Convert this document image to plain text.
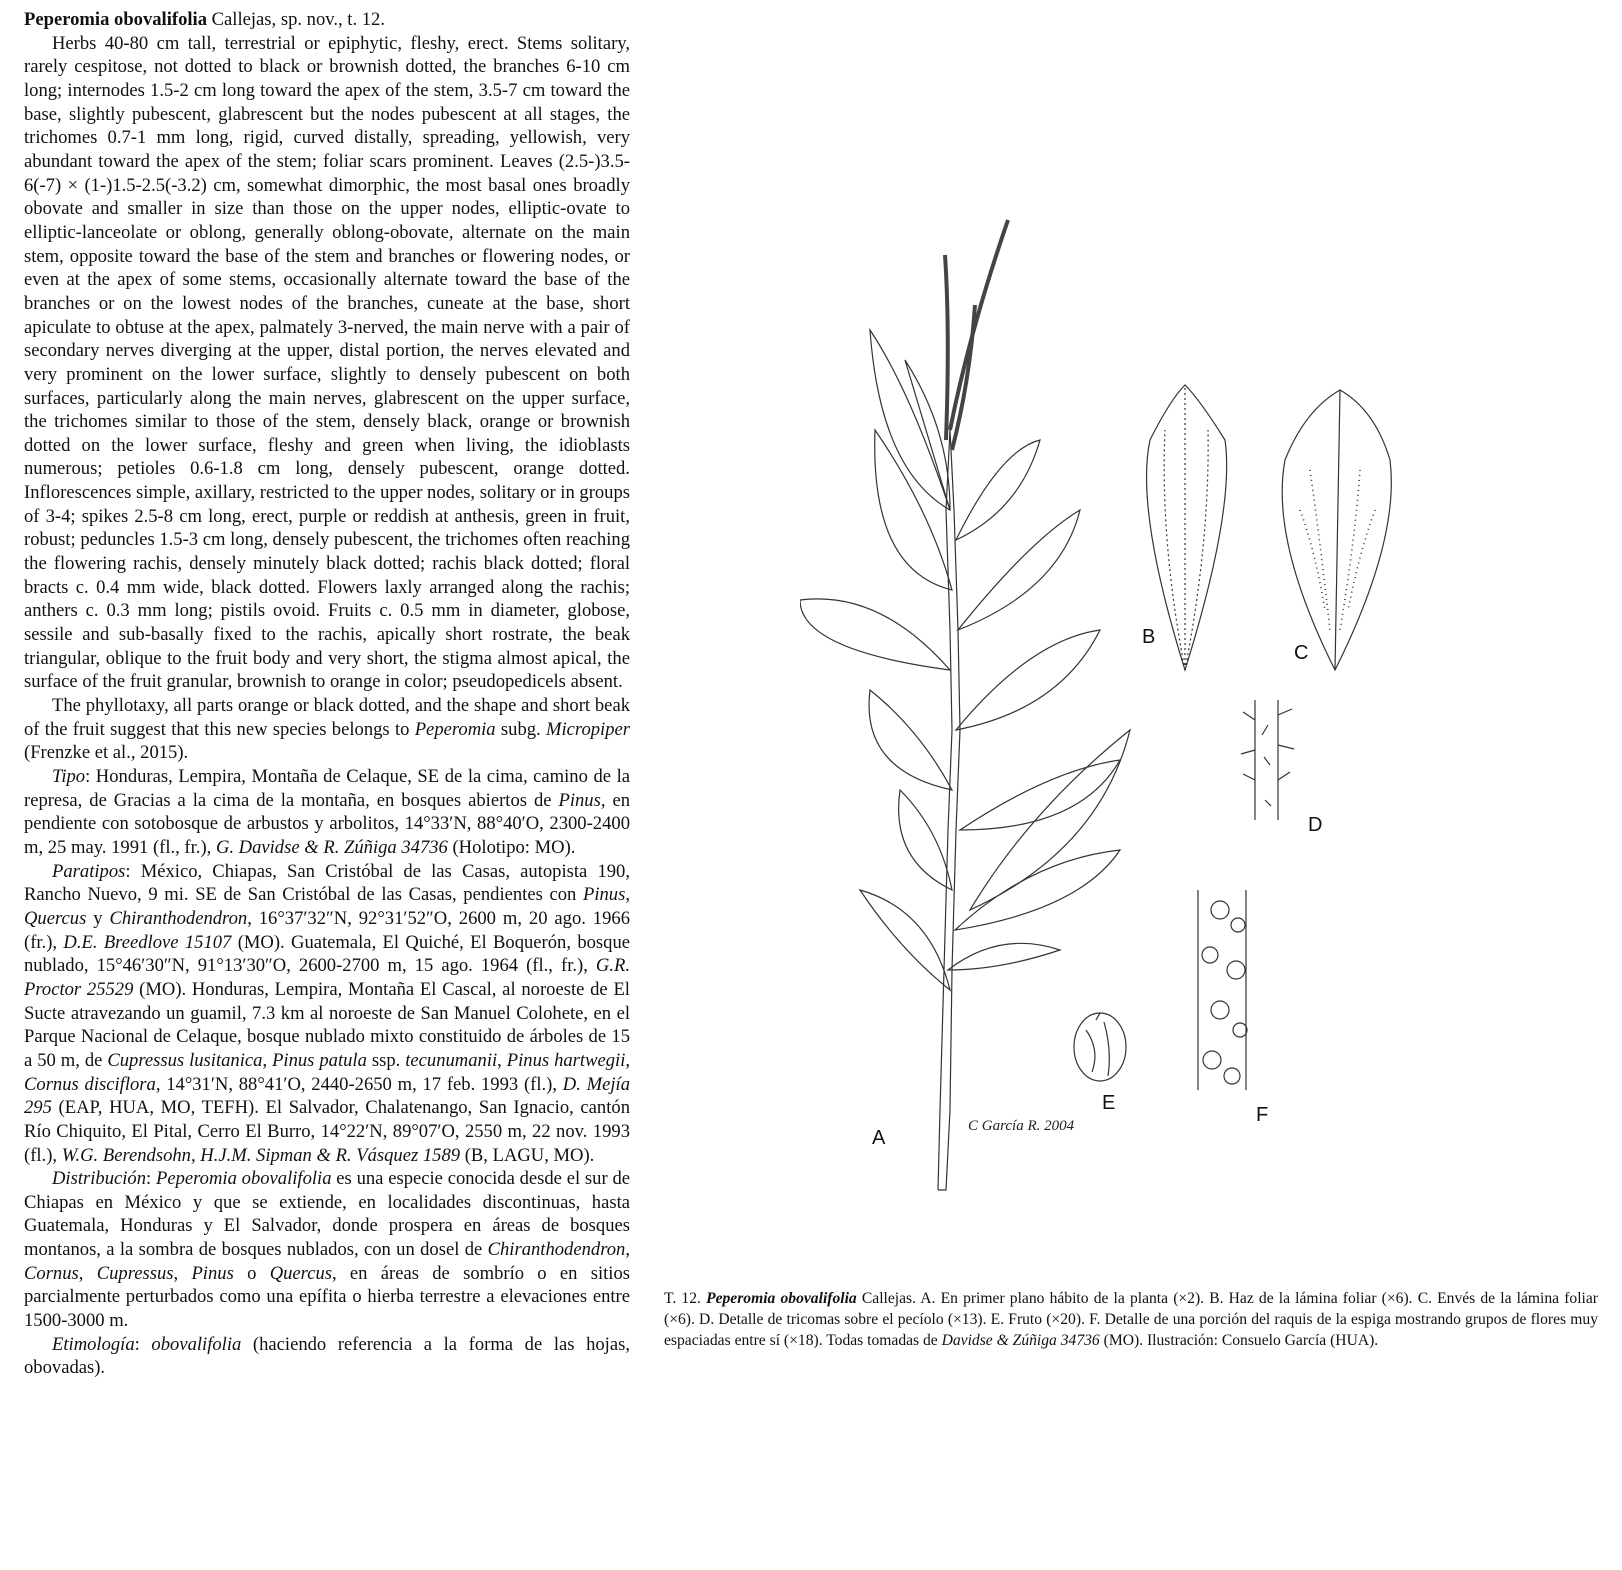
Peperomia obovalifolia Callejas, sp. nov., t. 12.
Herbs 40-80 cm tall, terrestrial or epiphytic, fleshy, erect. Stems solitary, rarely cespitose, not dotted to black or brownish dotted, the branches 6-10 cm long; internodes 1.5-2 cm long toward the apex of the stem, 3.5-7 cm toward the base, slightly pubescent, glabrescent but the nodes pubescent at all stages, the trichomes 0.7-1 mm long, rigid, curved distally, spreading, yellowish, very abundant toward the apex of the stem; foliar scars prominent. Leaves (2.5-)3.5-6(-7) × (1-)1.5-2.5(-3.2) cm, somewhat dimorphic, the most basal ones broadly obovate and smaller in size than those on the upper nodes, elliptic-ovate to elliptic-lanceolate or oblong, generally oblong-obovate, alternate on the main stem, opposite toward the base of the stem and branches or flowering nodes, or even at the apex of some stems, occasionally alternate toward the base of the branches or on the lowest nodes of the branches, cuneate at the base, short apiculate to obtuse at the apex, palmately 3-nerved, the main nerve with a pair of secondary nerves diverging at the upper, distal portion, the nerves elevated and very prominent on the lower surface, slightly to densely pubescent on both surfaces, particularly along the main nerves, glabrescent on the upper surface, the trichomes similar to those of the stem, densely black, orange or brownish dotted on the lower surface, fleshy and green when living, the idioblasts numerous; petioles 0.6-1.8 cm long, densely pubescent, orange dotted. Inflorescences simple, axillary, restricted to the upper nodes, solitary or in groups of 3-4; spikes 2.5-8 cm long, erect, purple or reddish at anthesis, green in fruit, robust; peduncles 1.5-3 cm long, densely pubescent, the trichomes often reaching the flowering rachis, densely minutely black dotted; rachis black dotted; floral bracts c. 0.4 mm wide, black dotted. Flowers laxly arranged along the rachis; anthers c. 0.3 mm long; pistils ovoid. Fruits c. 0.5 mm in diameter, globose, sessile and sub-basally fixed to the rachis, apically short rostrate, the beak triangular, oblique to the fruit body and very short, the stigma almost apical, the surface of the fruit granular, brownish to orange in color; pseudopedicels absent.

The phyllotaxy, all parts orange or black dotted, and the shape and short beak of the fruit suggest that this new species belongs to Peperomia subg. Micropiper (Frenzke et al., 2015).

Tipo: Honduras, Lempira, Montaña de Celaque, SE de la cima, camino de la represa, de Gracias a la cima de la montaña, en bosques abiertos de Pinus, en pendiente con sotobosque de arbustos y arbolitos, 14°33′N, 88°40′O, 2300-2400 m, 25 may. 1991 (fl., fr.), G. Davidse & R. Zúñiga 34736 (Holotipo: MO).

Paratipos: México, Chiapas, San Cristóbal de las Casas, autopista 190, Rancho Nuevo, 9 mi. SE de San Cristóbal de las Casas, pendientes con Pinus, Quercus y Chiranthodendron, 16°37′32″N, 92°31′52″O, 2600 m, 20 ago. 1966 (fr.), D.E. Breedlove 15107 (MO). Guatemala, El Quiché, El Boquerón, bosque nublado, 15°46′30″N, 91°13′30″O, 2600-2700 m, 15 ago. 1964 (fl., fr.), G.R. Proctor 25529 (MO). Honduras, Lempira, Montaña El Cascal, al noroeste de El Sucte atravezando un guamil, 7.3 km al noroeste de San Manuel Colohete, en el Parque Nacional de Celaque, bosque nublado mixto constituido de árboles de 15 a 50 m, de Cupressus lusitanica, Pinus patula ssp. tecunumanii, Pinus hartwegii, Cornus disciflora, 14°31′N, 88°41′O, 2440-2650 m, 17 feb. 1993 (fl.), D. Mejía 295 (EAP, HUA, MO, TEFH). El Salvador, Chalatenango, San Ignacio, cantón Río Chiquito, El Pital, Cerro El Burro, 14°22′N, 89°07′O, 2550 m, 22 nov. 1993 (fl.), W.G. Berendsohn, H.J.M. Sipman & R. Vásquez 1589 (B, LAGU, MO).

Distribución: Peperomia obovalifolia es una especie conocida desde el sur de Chiapas en México y que se extiende, en localidades discontinuas, hasta Guatemala, Honduras y El Salvador, donde prospera en áreas de bosques montanos, a la sombra de bosques nublados, con un dosel de Chiranthodendron, Cornus, Cupressus, Pinus o Quercus, en áreas de sombrío o en sitios parcialmente perturbados como una epífita o hierba terrestre a elevaciones entre 1500-3000 m.

Etimología: obovalifolia (haciendo referencia a la forma de las hojas, obovadas).

A
B
C
D
E
F
C García R. 2004

T. 12. Peperomia obovalifolia Callejas. A. En primer plano hábito de la planta (×2). B. Haz de la lámina foliar (×6). C. Envés de la lámina foliar (×6). D. Detalle de tricomas sobre el pecíolo (×13). E. Fruto (×20). F. Detalle de una porción del raquis de la espiga mostrando grupos de flores muy espaciadas entre sí (×18). Todas tomadas de Davidse & Zúñiga 34736 (MO). Ilustración: Consuelo García (HUA).
